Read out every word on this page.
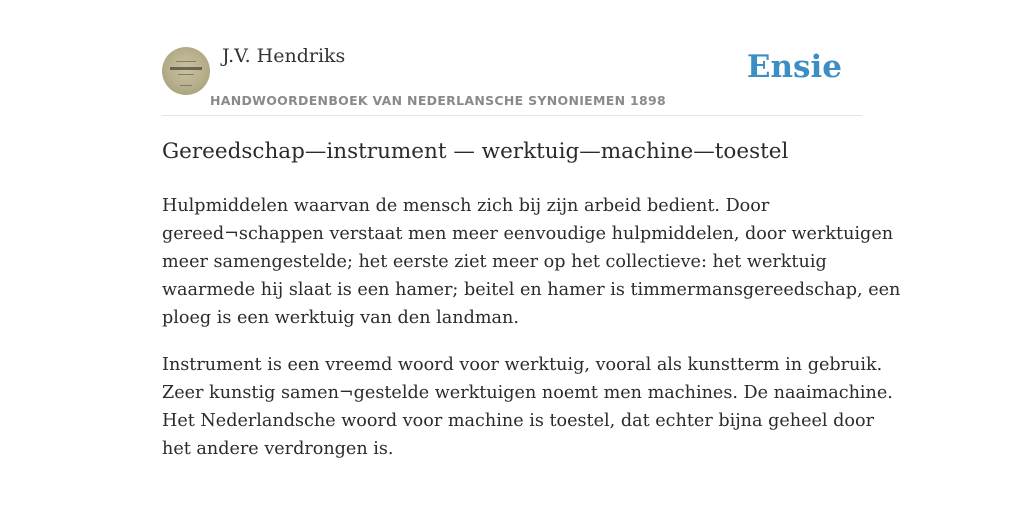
J.V. Hendriks
HANDWOORDENBOEK VAN NEDERLANSCHE SYNONIEMEN 1898
Ensie
Gereedschap—instrument — werktuig—machine—toestel

Hulpmiddelen waarvan de mensch zich bij zijn arbeid bedient. Door
gereed¬schappen verstaat men meer eenvoudige hulpmiddelen, door werktuigen
meer samengestelde; het eerste ziet meer op het collectieve: het werktuig
waarmede hij slaat is een hamer; beitel en hamer is timmermansgereedschap, een
ploeg is een werktuig van den landman.

Instrument is een vreemd woord voor werktuig, vooral als kunstterm in gebruik.
Zeer kunstig samen¬gestelde werktuigen noemt men machines. De naaimachine.
Het Nederlandsche woord voor machine is toestel, dat echter bijna geheel door
het andere verdrongen is.
